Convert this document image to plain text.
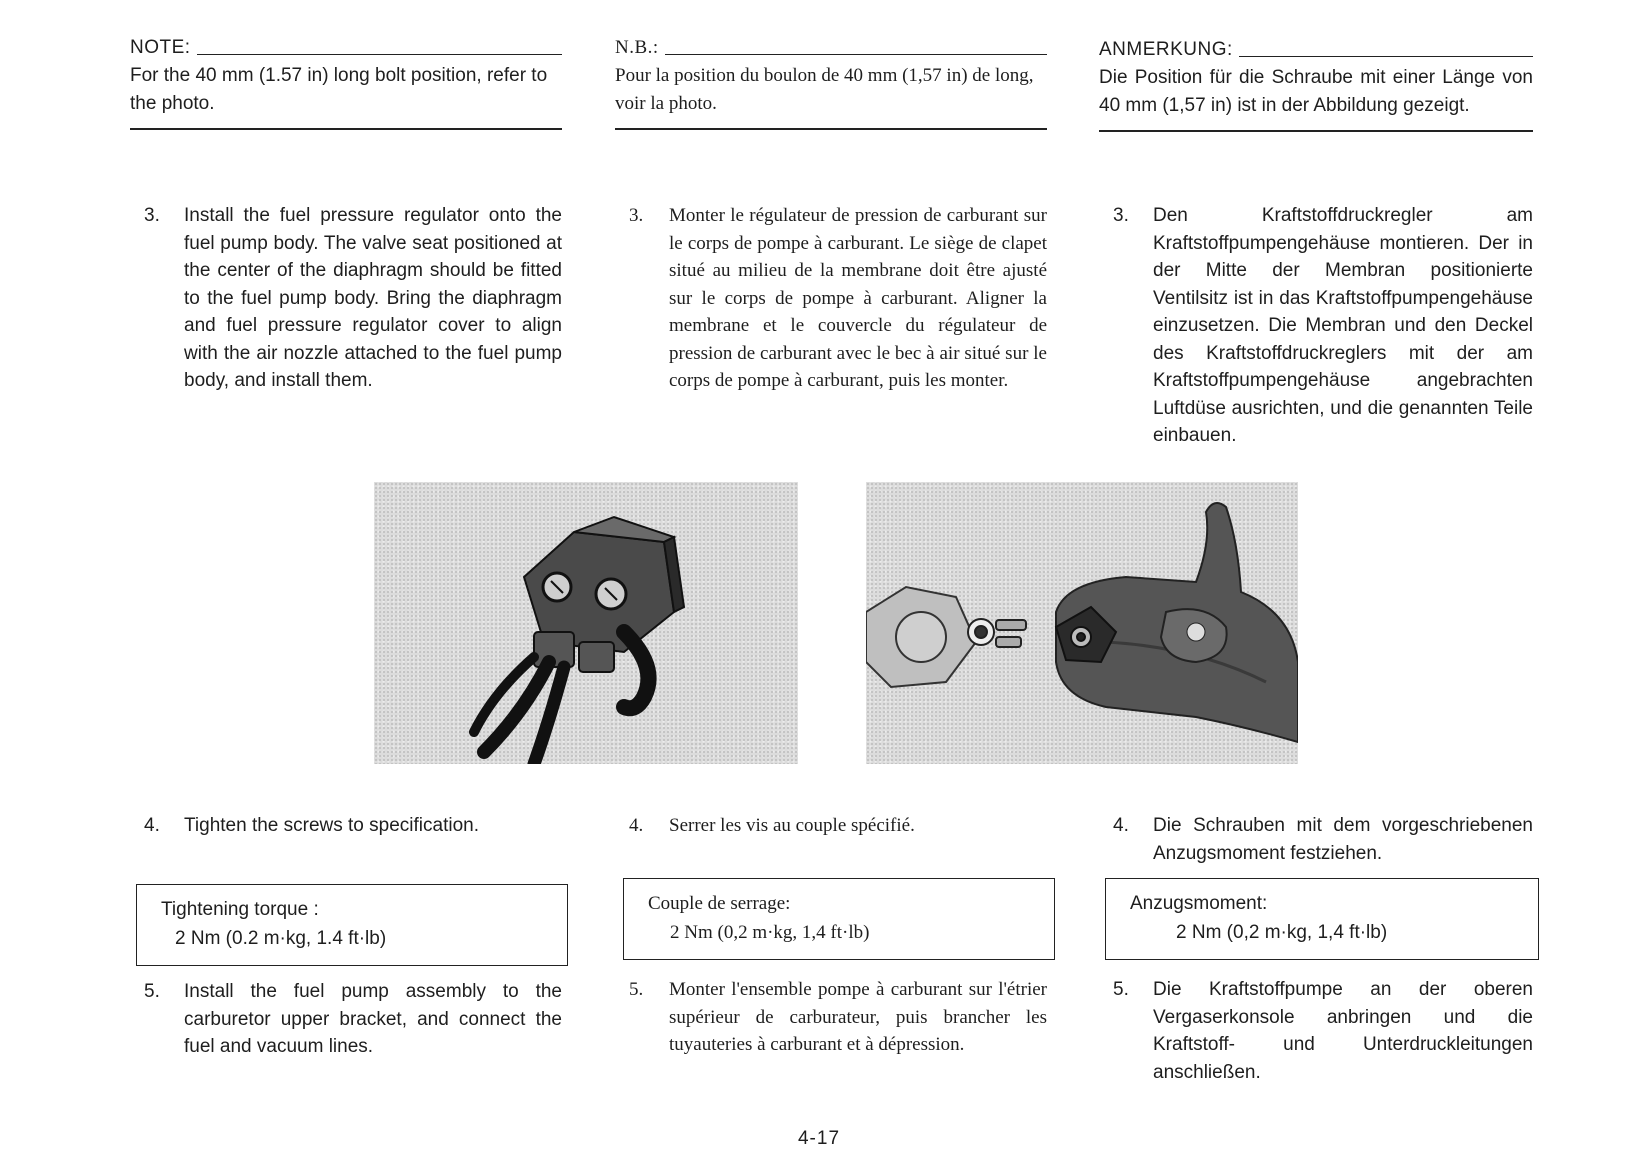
NOTE:
For the 40 mm (1.57 in) long bolt position, refer to the photo.
3.	Install the fuel pressure regulator onto the fuel pump body. The valve seat positioned at the center of the diaphragm should be fitted to the fuel pump body. Bring the diaphragm and fuel pressure regulator cover to align with the air nozzle attached to the fuel pump body, and install them.
4.	Tighten the screws to specification.
Tightening torque :
2 Nm (0.2 m·kg, 1.4 ft·lb)
5.	Install the fuel pump assembly to the carburetor upper bracket, and connect the fuel and vacuum lines.
N.B.:
Pour la position du boulon de 40 mm (1,57 in) de long, voir la photo.
3.	Monter le régulateur de pression de carburant sur le corps de pompe à carburant. Le siège de clapet situé au milieu de la membrane doit être ajusté sur le corps de pompe à carburant. Aligner la membrane et le couvercle du régulateur de pression de carburant avec le bec à air situé sur le corps de pompe à carburant, puis les monter.
4.	Serrer les vis au couple spécifié.
Couple de serrage:
2 Nm (0,2 m·kg, 1,4 ft·lb)
5.	Monter l'ensemble pompe à carburant sur l'étrier supérieur de carburateur, puis brancher les tuyauteries à carburant et à dépression.
ANMERKUNG:
Die Position für die Schraube mit einer Länge von 40 mm (1,57 in) ist in der Abbildung gezeigt.
3.	Den Kraftstoffdruckregler am Kraftstoffpumpengehäuse montieren. Der in der Mitte der Membran positionierte Ventilsitz ist in das Kraftstoffpumpengehäuse einzusetzen. Die Membran und den Deckel des Kraftstoffdruckreglers mit der am Kraftstoffpumpengehäuse angebrachten Luftdüse ausrichten, und die genannten Teile einbauen.
4.	Die Schrauben mit dem vorgeschriebenen Anzugsmoment festziehen.
Anzugsmoment:
2 Nm (0,2 m·kg, 1,4 ft·lb)
5.	Die Kraftstoffpumpe an der oberen Vergaserkonsole anbringen und die Kraftstoff- und Unterdruckleitungen anschließen.
4-17
